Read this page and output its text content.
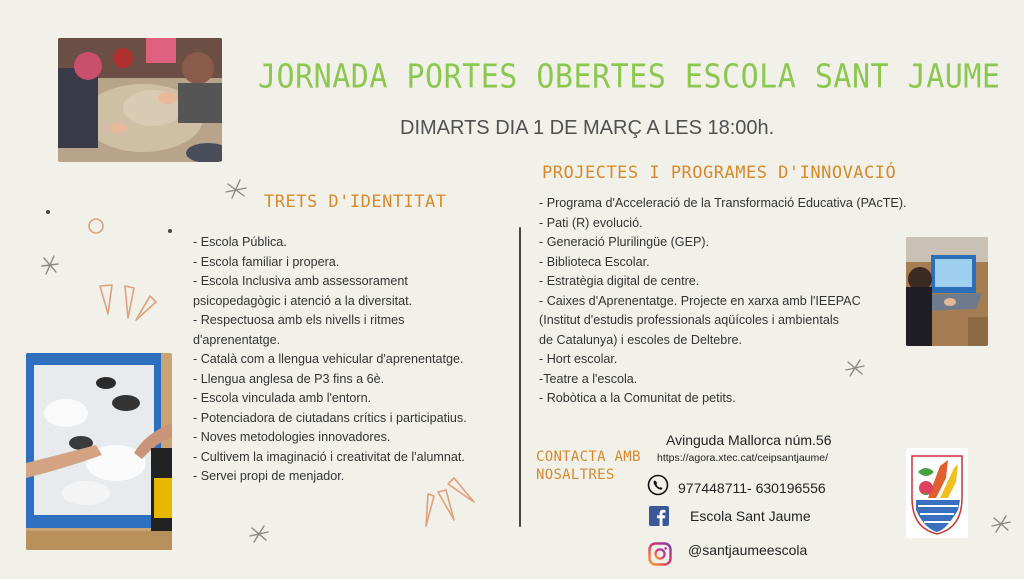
JORNADA PORTES OBERTES ESCOLA SANT JAUME
DIMARTS DIA 1 DE MARÇ A LES 18:00h.
TRETS D'IDENTITAT
- Escola Pública.
- Escola familiar i propera.
- Escola Inclusiva amb assessorament
psicopedagògic i atenció a la diversitat.
- Respectuosa amb els nivells i ritmes
d'aprenentatge.
- Català com a llengua vehicular d'aprenentatge.
- Llengua anglesa de P3 fins a 6è.
- Escola vinculada amb l'entorn.
- Potenciadora de ciutadans crítics i participatius.
- Noves metodologies innovadores.
- Cultivem la imaginació i creativitat de l'alumnat.
- Servei propi de menjador.
PROJECTES I PROGRAMES D'INNOVACIÓ
- Programa d'Acceleració de la Transformació Educativa (PAcTE).
- Pati (R) evolució.
- Generació Plurilingüe (GEP).
- Biblioteca Escolar.
- Estratègia digital de centre.
- Caixes d'Aprenentatge. Projecte en xarxa amb l'IEEPAC
(Institut d'estudis professionals aqüícoles i ambientals
de Catalunya) i escoles de Deltebre.
- Hort escolar.
-Teatre a l'escola.
- Robòtica a la Comunitat de petits.
CONTACTA AMB
NOSALTRES
Avinguda Mallorca núm.56
https://agora.xtec.cat/ceipsantjaume/
977448711- 630196556
Escola Sant Jaume
@santjaumeescola
